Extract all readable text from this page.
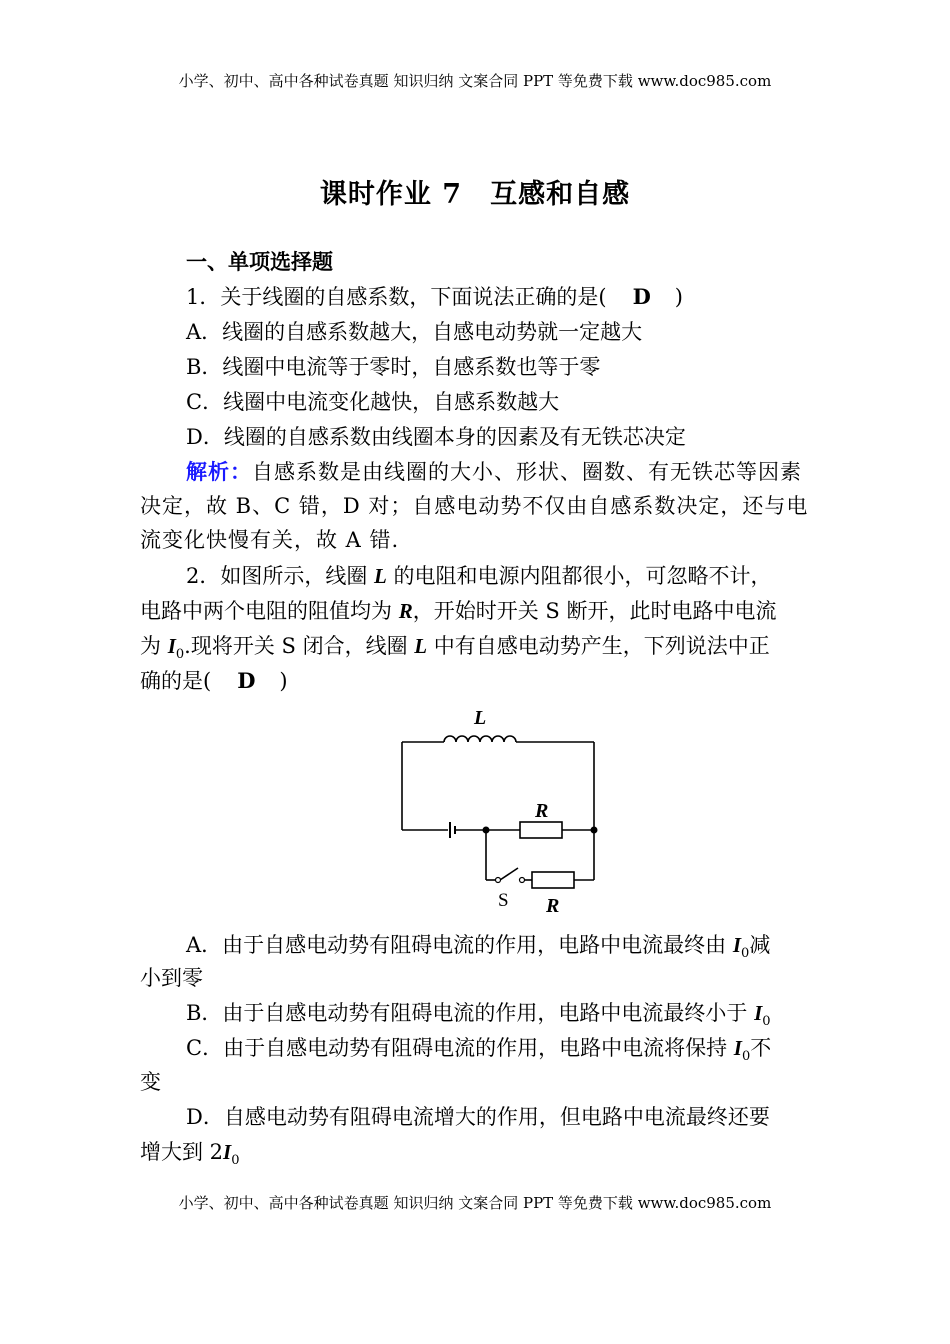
小学、初中、高中各种试卷真题 知识归纳 文案合同 PPT 等免费下载 www.doc985.com
课时作业 7　互感和自感
一、单项选择题
1．关于线圈的自感系数，下面说法正确的是( D )
A．线圈的自感系数越大，自感电动势就一定越大
B．线圈中电流等于零时，自感系数也等于零
C．线圈中电流变化越快，自感系数越大
D．线圈的自感系数由线圈本身的因素及有无铁芯决定
解析：自感系数是由线圈的大小、形状、圈数、有无铁芯等因素
决定，故 B、C 错，D 对；自感电动势不仅由自感系数决定，还与电
流变化快慢有关，故 A 错.
2．如图所示，线圈 L 的电阻和电源内阻都很小，可忽略不计，
电路中两个电阻的阻值均为 R，开始时开关 S 断开，此时电路中电流
为 $I_0$.现将开关 S 闭合，线圈 L 中有自感电动势产生，下列说法中正
确的是( D )
L
R
R
S
A．由于自感电动势有阻碍电流的作用，电路中电流最终由 $I_0$减
小到零
B．由于自感电动势有阻碍电流的作用，电路中电流最终小于 $I_0$
C．由于自感电动势有阻碍电流的作用，电路中电流将保持 $I_0$不
变
D．自感电动势有阻碍电流增大的作用，但电路中电流最终还要
增大到 $2I_0$
小学、初中、高中各种试卷真题 知识归纳 文案合同 PPT 等免费下载 www.doc985.com
